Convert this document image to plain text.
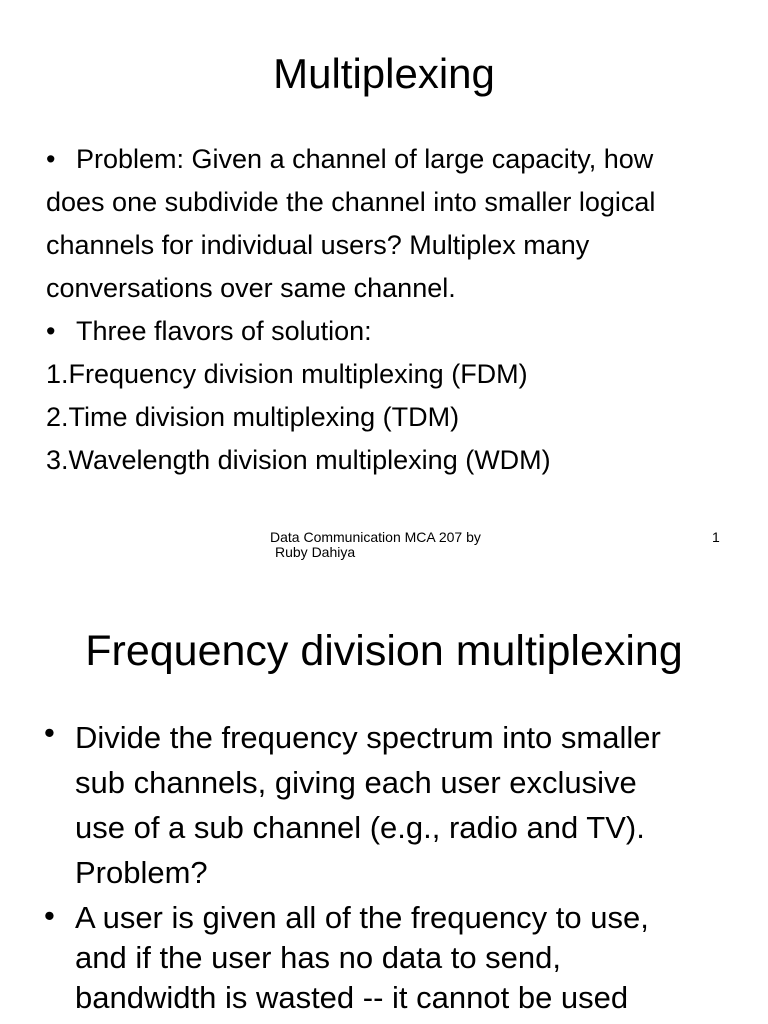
Multiplexing

• Problem: Given a channel of large capacity, how
does one subdivide the channel into smaller logical
channels for individual users? Multiplex many
conversations over same channel.

• Three flavors of solution:

1.Frequency division multiplexing (FDM)

2.Time division multiplexing (TDM)

3.Wavelength division multiplexing (WDM)

Data Communication MCA 207 by
Ruby Dahiya
1
Frequency division multiplexing
• Divide the frequency spectrum into smaller
sub channels, giving each user exclusive
use of a sub channel (e.g., radio and TV).
Problem?
• A user is given all of the frequency to use,
and if the user has no data to send,
bandwidth is wasted -- it cannot be used
